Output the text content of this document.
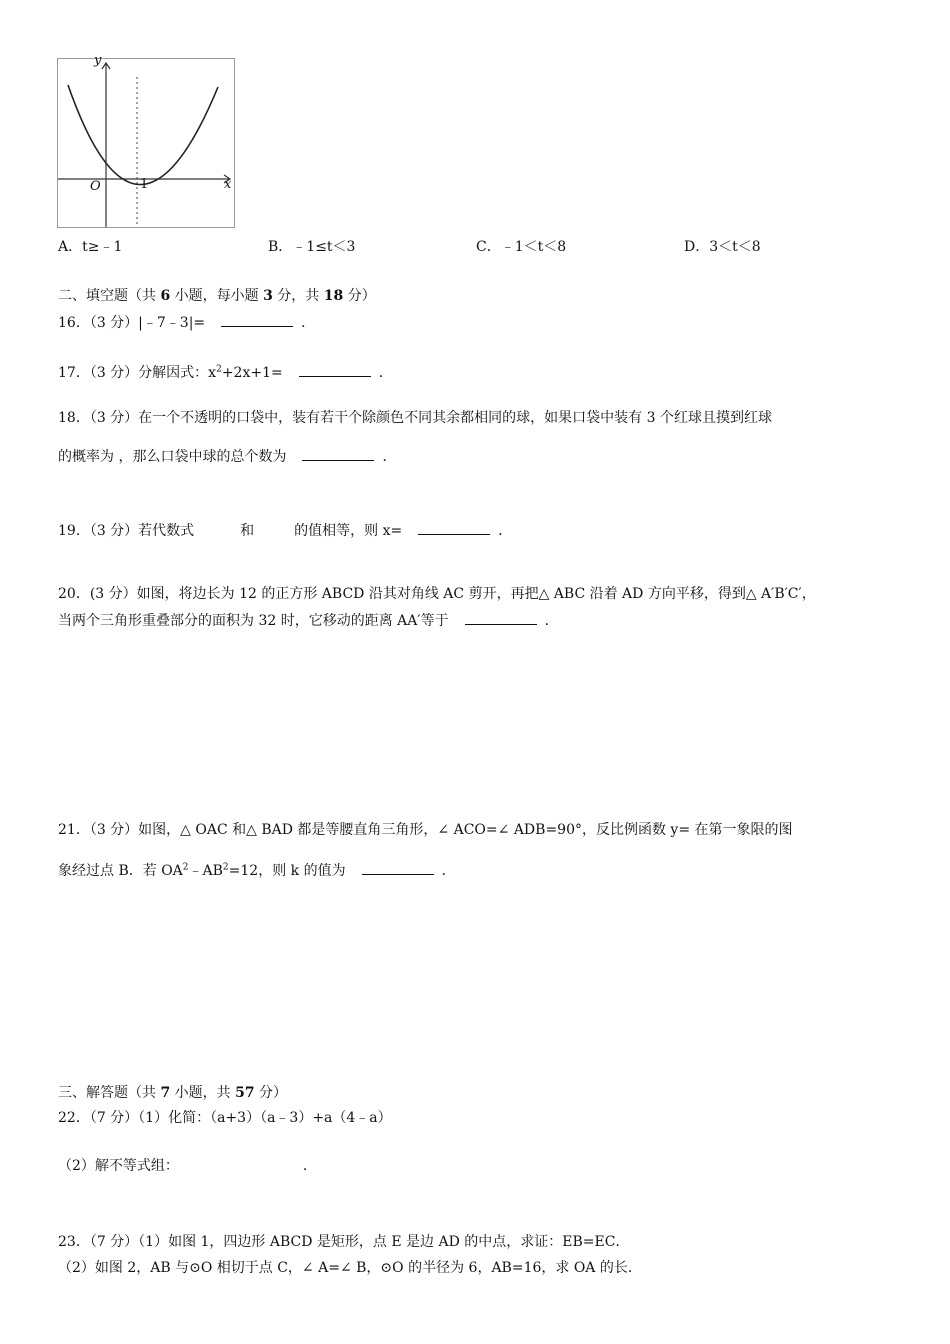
y
x
O	1
A．t≥﹣1	B．﹣1≤t＜3	C．﹣1＜t＜8	D．3＜t＜8
二、填空题（共 6 小题，每小题 3 分，共 18 分）
16．（3 分）|﹣7﹣3|=	．
17．（3 分）分解因式：$x^2+2x+1=$	．
18．（3 分）在一个不透明的口袋中，装有若干个除颜色不同其余都相同的球，如果口袋中装有 3 个红球且摸到红球
的概率为 ，那么口袋中球的总个数为	．
19．（3 分）若代数式	和	的值相等，则 x=	．
20．(3 分）如图，将边长为 12 的正方形 ABCD 沿其对角线 AC 剪开，再把△ ABC 沿着 AD 方向平移，得到△ A′B′C′，
当两个三角形重叠部分的面积为 32 时，它移动的距离 AA′等于	．
21．（3 分）如图，△ OAC 和△ BAD 都是等腰直角三角形，∠ ACO=∠ ADB=90°，反比例函数 y= 在第一象限的图
象经过点 B．若 $OA^2﹣AB^2=12$，则 k 的值为	．
三、解答题（共 7 小题，共 57 分）
22．（7 分）（1）化简：（a+3）（a﹣3）+a（4﹣a）
（2）解不等式组：	．
23．（7 分）（1）如图 1，四边形 ABCD 是矩形，点 E 是边 AD 的中点，求证：EB=EC．
（2）如图 2，AB 与⊙O 相切于点 C，∠ A=∠ B，⊙O 的半径为 6，AB=16，求 OA 的长．
